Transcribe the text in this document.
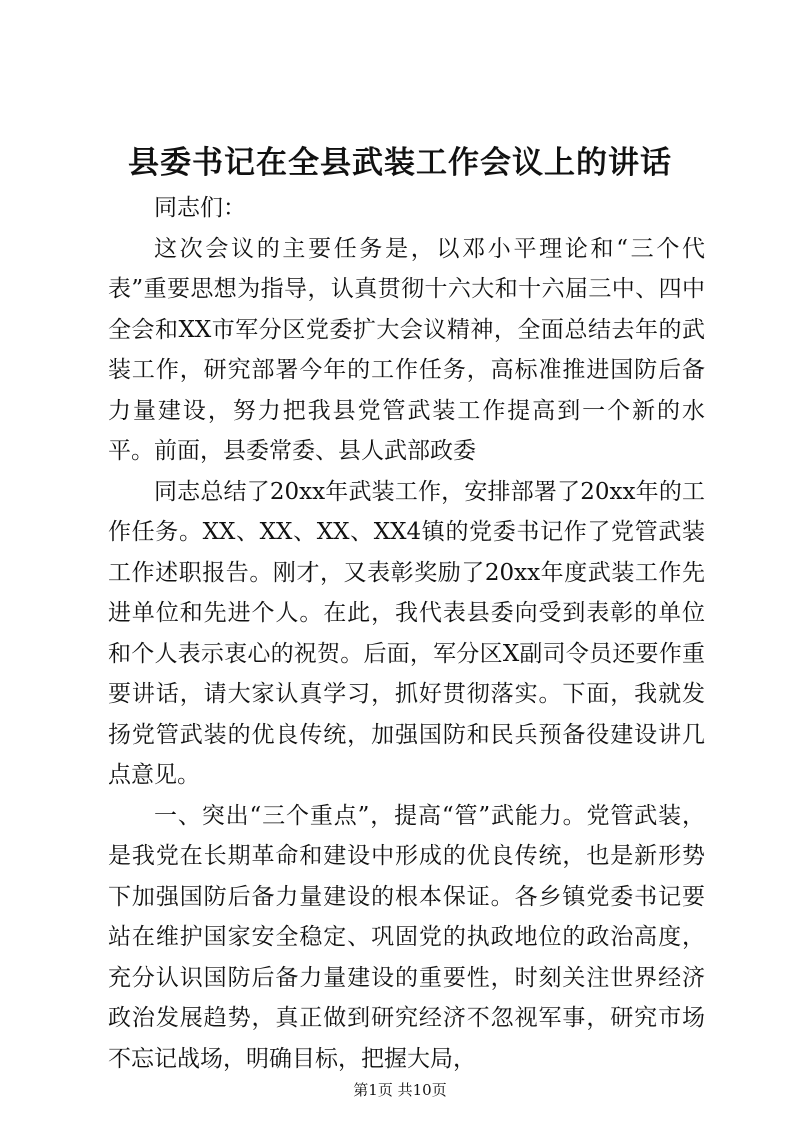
县委书记在全县武装工作会议上的讲话

同志们：

这次会议的主要任务是，以邓小平理论和“三个代表”重要思想为指导，认真贯彻十六大和十六届三中、四中全会和XX市军分区党委扩大会议精神，全面总结去年的武装工作，研究部署今年的工作任务，高标准推进国防后备力量建设，努力把我县党管武装工作提高到一个新的水平。前面，县委常委、县人武部政委

同志总结了20xx年武装工作，安排部署了20xx年的工作任务。XX、XX、XX、XX4镇的党委书记作了党管武装工作述职报告。刚才，又表彰奖励了20xx年度武装工作先进单位和先进个人。在此，我代表县委向受到表彰的单位和个人表示衷心的祝贺。后面，军分区X副司令员还要作重要讲话，请大家认真学习，抓好贯彻落实。下面，我就发扬党管武装的优良传统，加强国防和民兵预备役建设讲几点意见。

一、突出“三个重点”，提高“管”武能力。党管武装，是我党在长期革命和建设中形成的优良传统，也是新形势下加强国防后备力量建设的根本保证。各乡镇党委书记要站在维护国家安全稳定、巩固党的执政地位的政治高度，充分认识国防后备力量建设的重要性，时刻关注世界经济政治发展趋势，真正做到研究经济不忽视军事，研究市场不忘记战场，明确目标，把握大局，

第1页 共10页
